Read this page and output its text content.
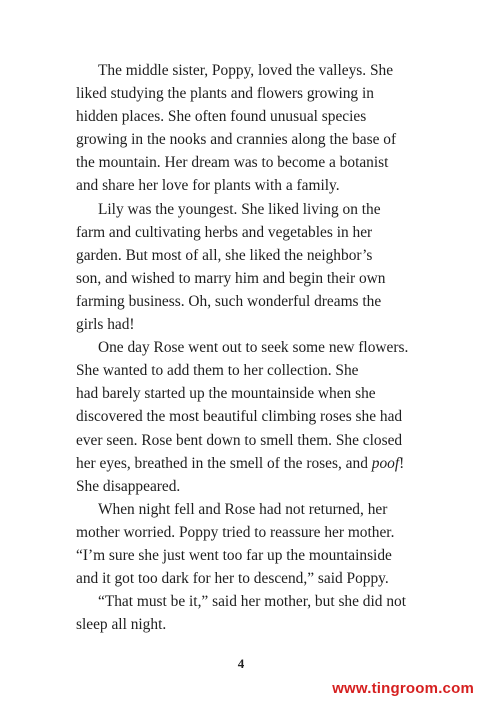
The middle sister, Poppy, loved the valleys. She
liked studying the plants and flowers growing in
hidden places. She often found unusual species
growing in the nooks and crannies along the base of
the mountain. Her dream was to become a botanist
and share her love for plants with a family.
Lily was the youngest. She liked living on the
farm and cultivating herbs and vegetables in her
garden. But most of all, she liked the neighbor’s
son, and wished to marry him and begin their own
farming business. Oh, such wonderful dreams the
girls had!
One day Rose went out to seek some new flowers.
She wanted to add them to her collection. She
had barely started up the mountainside when she
discovered the most beautiful climbing roses she had
ever seen. Rose bent down to smell them. She closed
her eyes, breathed in the smell of the roses, and poof!
She disappeared.
When night fell and Rose had not returned, her
mother worried. Poppy tried to reassure her mother.
“I’m sure she just went too far up the mountainside
and it got too dark for her to descend,” said Poppy.
“That must be it,” said her mother, but she did not
sleep all night.
4
www.tingroom.com
